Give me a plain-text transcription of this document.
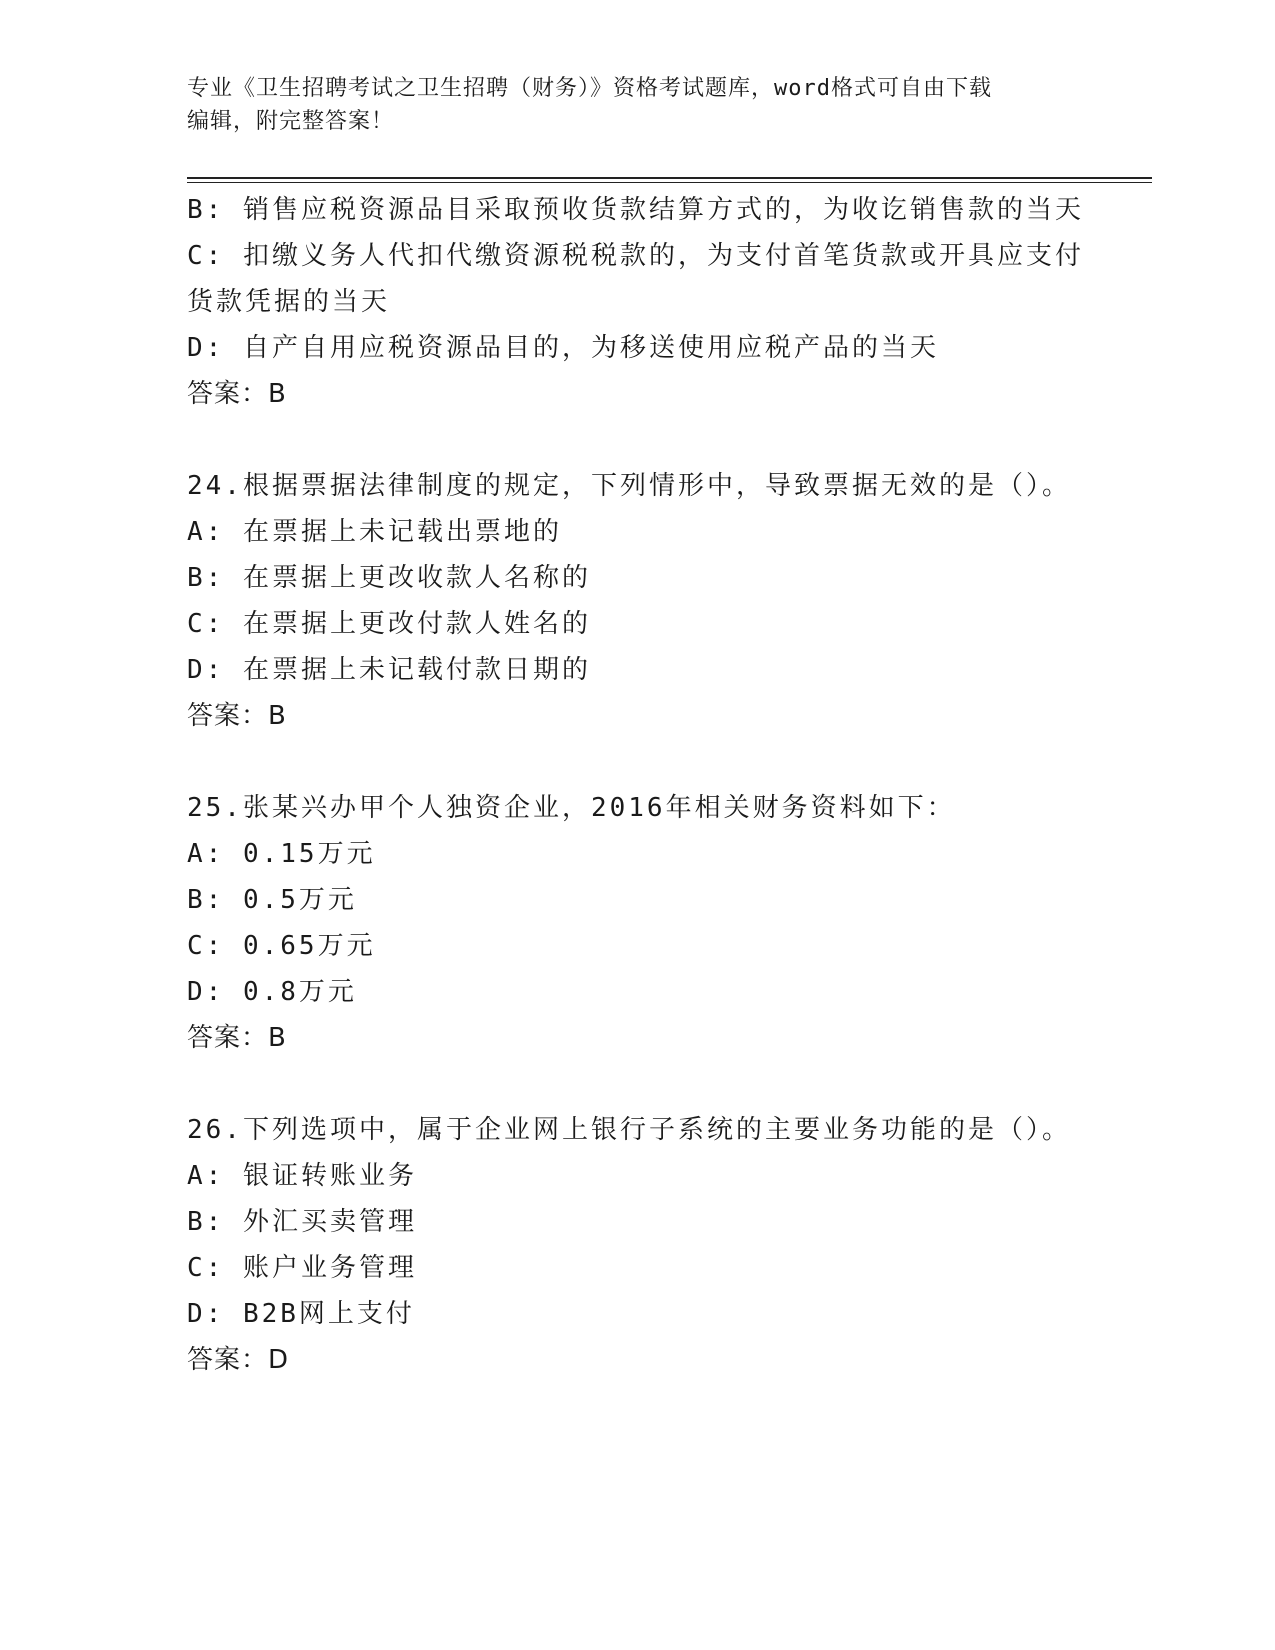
专业《卫生招聘考试之卫生招聘（财务）》资格考试题库，word格式可自由下载
编辑，附完整答案！
B: 销售应税资源品目采取预收货款结算方式的，为收讫销售款的当天
C: 扣缴义务人代扣代缴资源税税款的，为支付首笔货款或开具应支付
货款凭据的当天
D: 自产自用应税资源品目的，为移送使用应税产品的当天
答案：B
24.根据票据法律制度的规定，下列情形中，导致票据无效的是（）。
A: 在票据上未记载出票地的
B: 在票据上更改收款人名称的
C: 在票据上更改付款人姓名的
D: 在票据上未记载付款日期的
答案：B
25.张某兴办甲个人独资企业，2016年相关财务资料如下：
A: 0.15万元
B: 0.5万元
C: 0.65万元
D: 0.8万元
答案：B
26.下列选项中，属于企业网上银行子系统的主要业务功能的是（）。
A: 银证转账业务
B: 外汇买卖管理
C: 账户业务管理
D: B2B网上支付
答案：D
